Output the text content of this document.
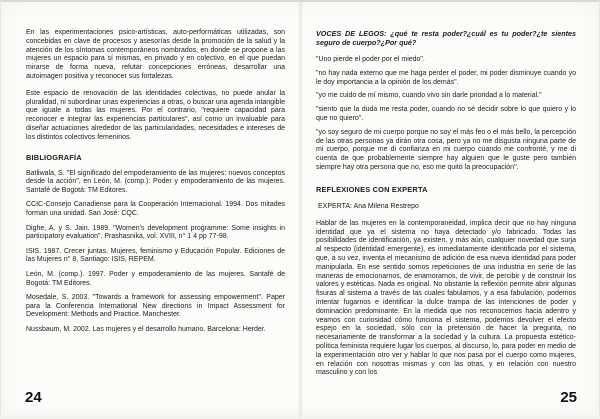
En las experimentaciones psico-artísticas, auto-performáticas utilizadas, son concebidas en clave de procesos y asesorías desde la promoción de la salud y la atención de los síntomas contemporáneos nombrados, en donde se propone a las mujeres un espacio para sí mismas, en privado y en colectivo, en el que puedan mirarse de forma nueva, refutar concepciones erróneas, desarrollar una autoimagen positiva y reconocer sus fortalezas.

Este espacio de renovación de las identidades colectivas, no puede anular la pluralidad, ni subordinar unas experiencias a otras, o buscar una agenda intangible que iguale a todas las mujeres. Por el contrario, "requiere capacidad para reconocer e integrar las experiencias particulares", así como un invaluable para diseñar actuaciones alrededor de las particularidades, necesidades e intereses de los distintos colectivos femeninos.

BIBLIOGRAFÍA

Batliwala, S. "El significado del empoderamiento de las mujeres: nuevos conceptos desde la acción", en León, M. (comp.): Poder y empoderamiento de las mujeres. Santafé de Bogotá: TM Editores.

CCIC-Consejo Canadiense para la Cooperación Internacional. 1994. Dos mitades forman una unidad. San José: CQC.

Dighe, A. y S. Jain. 1989. "Women's development programme: Some insights in participatory evaluation". Prashasnika, vol. XVIII, n° 1 4 pp 77-98.

ISIS. 1987. Crecer juntas. Mujeres, feminismo y Educación Popular. Ediciones de las Mujeres n° 8, Santiago: ISIS, REPEM.

León, M. (comp.). 1997. Poder y empoderamiento de las mujeres. Santafé de Bogotá: TM Editores.

Mosedale, S. 2003. "Towards a framework for assessing empowerment". Paper para la Conferencia International New directions in Impact Assessment for Development: Methods and Practice. Manchester.

Nussbaum, M. 2002. Las mujeres y el desarrollo humano. Barcelona: Herder.

24
VOCES DE LEGOS: ¿qué te resta poder?¿cuál es tu poder?¿te sientes seguro de cuerpo?¿Por qué?

"Uno pierde el poder por el miedo".

"no hay nada externo que me haga perder el poder, mi poder disminuye cuando yo le doy importancia a la opinión de los demás".

"yo me cuido de mí mismo, cuando vivo sin darle prioridad a lo material."

"siento que la duda me resta poder, cuando no sé decidir sobre lo que quiero y lo que no quiero".

"yo soy seguro de mi cuerpo porque no soy el más feo o el más bello, la percepción de las otras personas ya dirán otra cosa, pero ya no me disgusta ninguna parte de mi cuerpo, porque me di confianza en mi cuerpo cuando me confronté, y me di cuenta de que probablemente siempre hay alguien que le guste pero también siempre hay otra persona que no, eso me quitó la preocupación".

REFLEXIONES CON EXPERTA

EXPERTA: Ana Milena Restrepo

Hablar de las mujeres en la contemporaneidad, implica decir que no hay ninguna identidad que ya el sistema no haya detectado y/o fabricado. Todas las posibilidades de identificación, ya existen, y más aún, cualquier novedad que surja al respecto (identidad emergente), es inmediatamente identificada por el sistema, que, a su vez, inventa el mecanismo de adición de esa nueva identidad para poder manipularla. En ese sentido somos repeticiones de una industria en serie de las maneras de emocionarnos, de enamorarnos, de vivir, de percibir y de construir los valores y estéticas. Nada es original. No obstante la reflexión permite abrir algunas fisuras al sistema a través de las cuales fabulamos, y a esa fabulación, podemos intentar fugarnos e identificar la dulce trampa de las intenciones de poder y dominación predominante. En la medida que nos reconocemos hacia adentro y veamos con curiosidad cómo funciona el sistema, podemos devolver el efecto espejo en la sociedad, sólo con la pretensión de hacer la pregunta, no necesariamente de transformar a la sociedad y la cultura. La propuesta estético-política feminista requiere lugar los cuerpos, al discurso, lo, para poder en medio de la experimentación otro ver y hablar lo que nos pasa por el cuerpo como mujeres, en relación con nosotras mismas y con las otras, y en relación con nuestro masculino y con los

25
